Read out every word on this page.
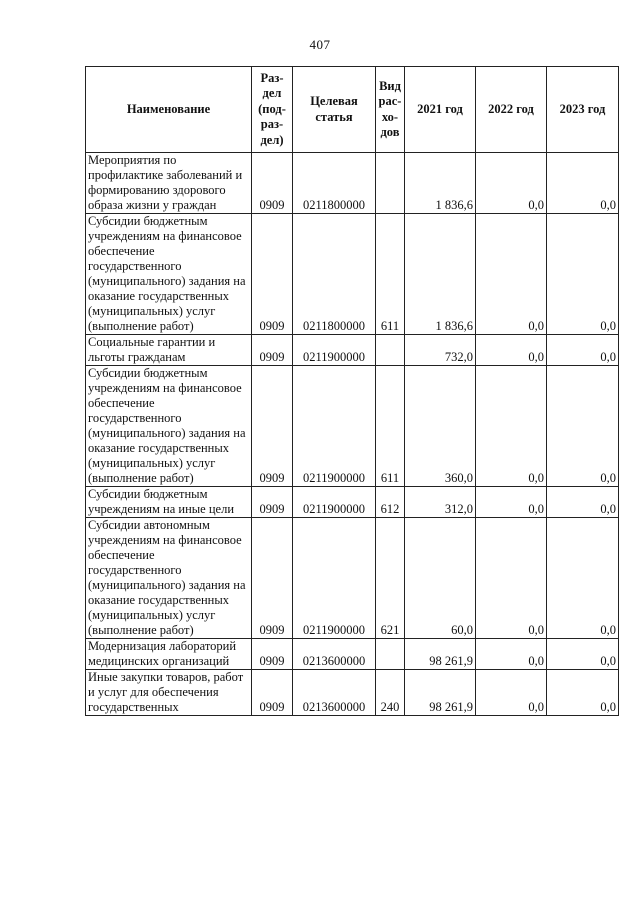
407
Наименование	Раз-
дел
(под-
раз-
дел)	Целевая
статья	Вид
рас-
хо-
дов	2021 год	2022 год	2023 год
Мероприятия по профилактике заболеваний и формированию здорового образа жизни у граждан	0909	0211800000		1 836,6	0,0	0,0
Субсидии бюджетным учреждениям на финансовое обеспечение государственного (муниципального) задания на оказание государственных (муниципальных) услуг (выполнение работ)	0909	0211800000	611	1 836,6	0,0	0,0
Социальные гарантии и льготы гражданам	0909	0211900000		732,0	0,0	0,0
Субсидии бюджетным учреждениям на финансовое обеспечение государственного (муниципального) задания на оказание государственных (муниципальных) услуг (выполнение работ)	0909	0211900000	611	360,0	0,0	0,0
Субсидии бюджетным учреждениям на иные цели	0909	0211900000	612	312,0	0,0	0,0
Субсидии автономным учреждениям на финансовое обеспечение государственного (муниципального) задания на оказание государственных (муниципальных) услуг (выполнение работ)	0909	0211900000	621	60,0	0,0	0,0
Модернизация лабораторий медицинских организаций	0909	0213600000		98 261,9	0,0	0,0
Иные закупки товаров, работ и услуг для обеспечения государственных	0909	0213600000	240	98 261,9	0,0	0,0
